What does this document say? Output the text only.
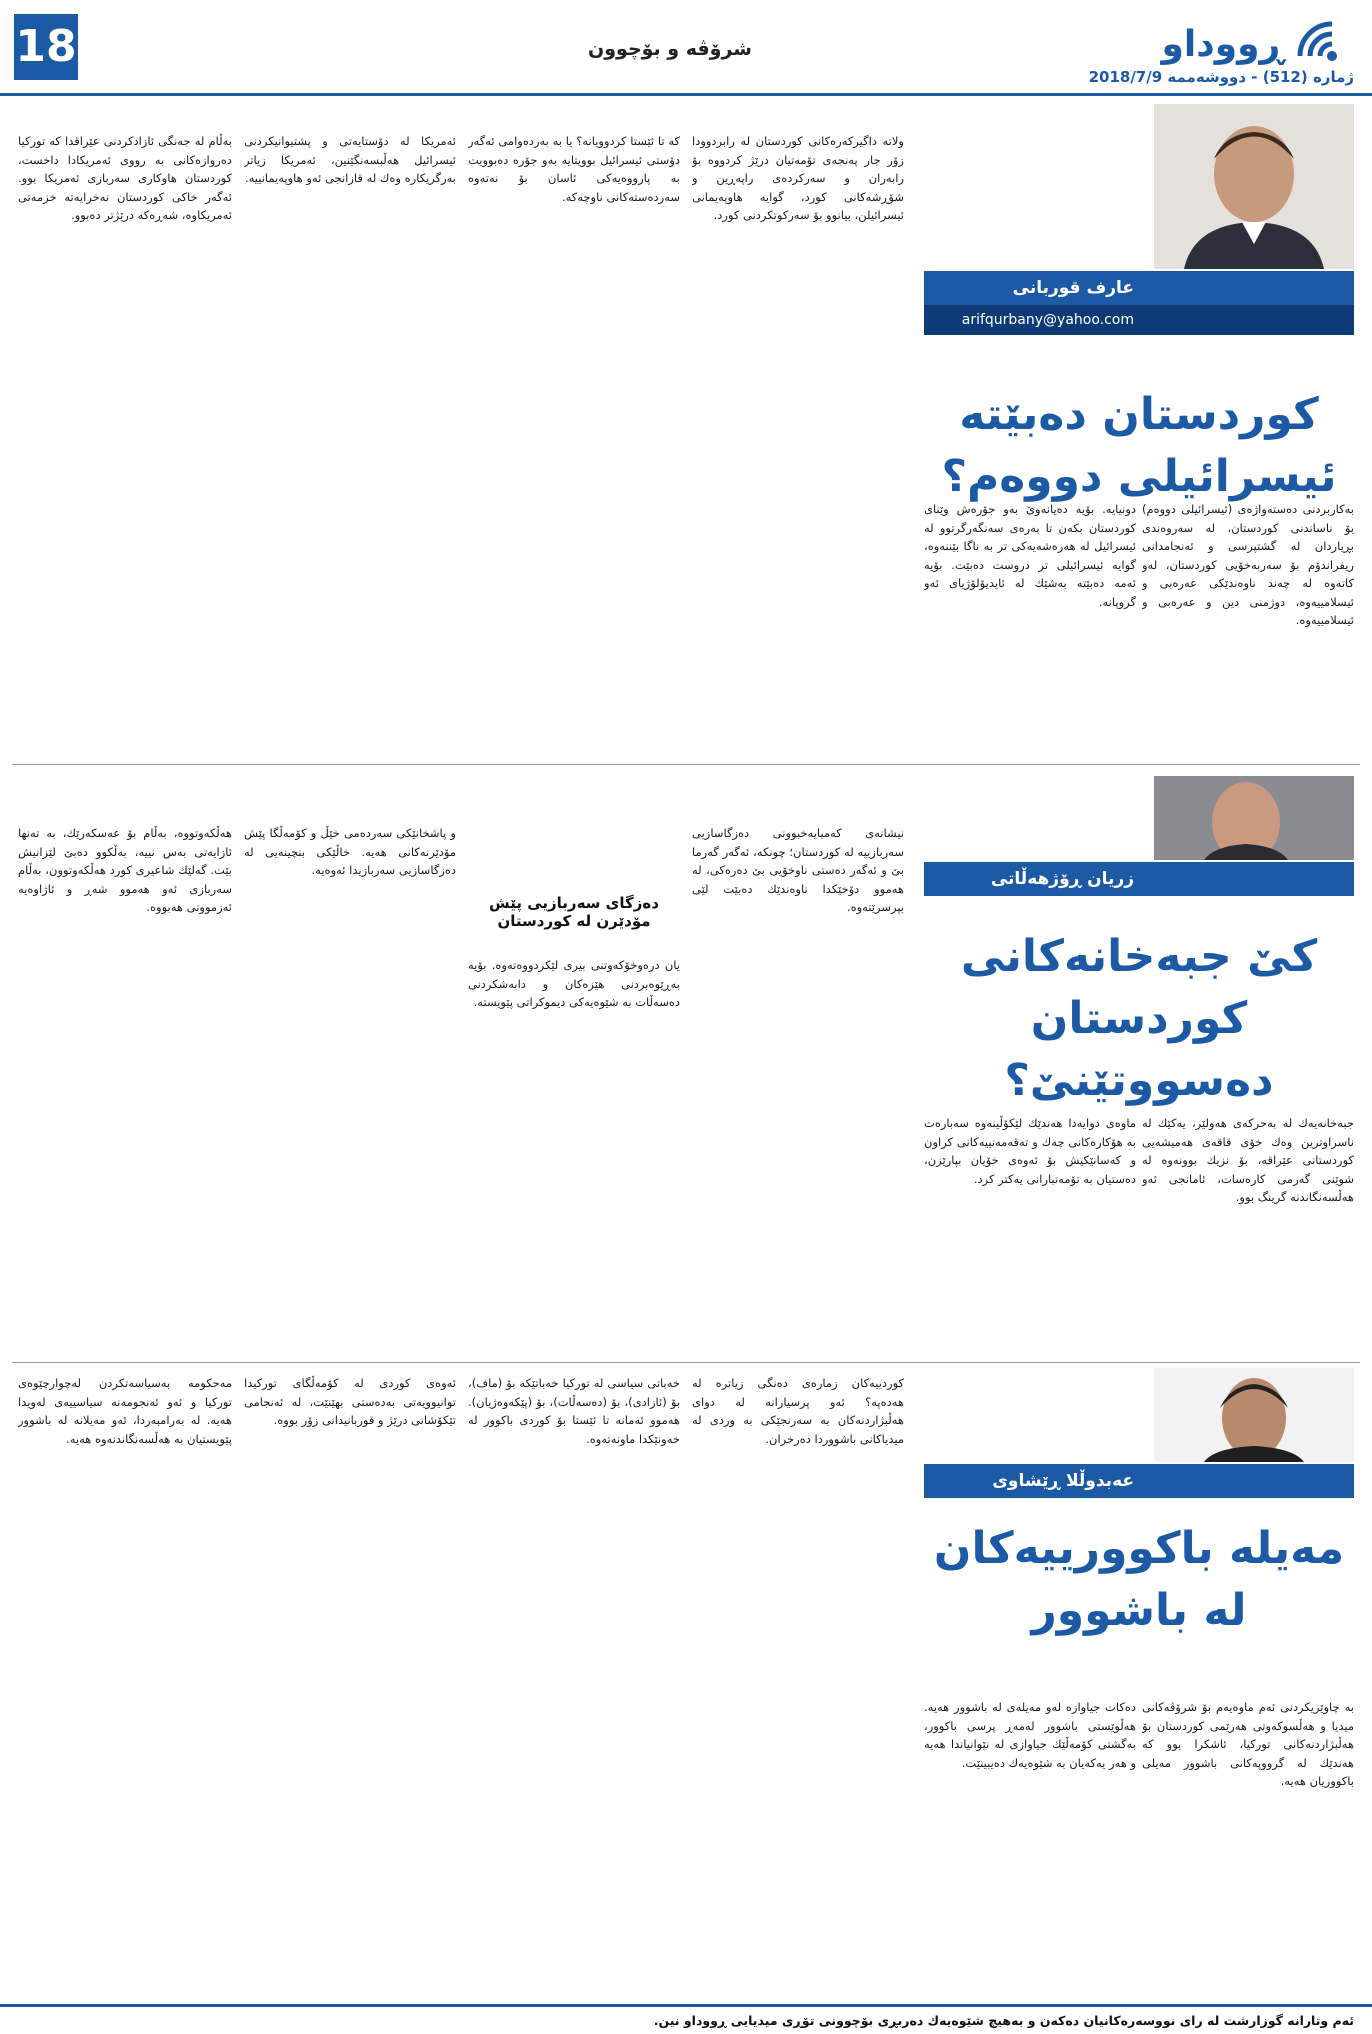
18	شرۆڤە و بۆچوون	ڕووداو
ژمارە (512) - دووشەممە 2018/7/9
عارف قوربانی
arifqurbany@yahoo.com
كوردستان دەبێتە ئیسرائیلی دووەم؟
بەكاربردنی دەستەواژەی (ئیسرائیلی دووەم) بۆ ناساندنی كوردستان، لە سەروەندی بڕیاردان لە گشتپرسی و ئەنجامدانی ریفراندۆم بۆ سەربەخۆیی كوردستان، لەو كاتەوە لە چەند ناوەندێكی عەرەبی و ئیسلامییەوە، دوژمنی دین و عەرەبی و ئیسلامییەوە.
دونیایە. بۆیە دەیانەوێ بەو جۆرەش وێنای كوردستان بكەن تا بەرەی سەنگەرگرتوو لە ئیسرائیل لە هەرەشەیەكی تر بە ناگا بێننەوە، گوایە ئیسرائیلی تر دروست دەبێت. بۆیە ئەمە دەبێتە بەشێك لە ئایدیۆلۆژیای ئەو گروپانە.
ولاتە داگیركەرەكانی كوردستان لە رابردوودا زۆر جار پەنجەی تۆمەتیان درێژ كردووە بۆ رابەران و سەركردەی راپەڕین و شۆڕشەكانی كورد، گوایە هاوپەیمانی ئیسرائیلن، بیانوو بۆ سەركوتكردنی كورد.
كە تا ئێستا كردوویانە؟ یا بە بەردەوامی ئەگەر دۆستی ئیسرائیل بوویتایە بەو جۆرە دەبوویت بە پارووەیەكی ئاسان بۆ نەتەوە سەردەستەكانی ناوچەكە.
ئەمریكا لە دۆستایەتی و پشتیوانیكردنی ئیسرائیل هەڵبسەنگێنین، ئەمریكا زیاتر بەرگریكارە وەك لە قازانجی ئەو هاوپەیمانییە.
بەڵام لە جەنگی ئازادكردنی عێراقدا كە توركیا دەروازەكانی بە رووی ئەمریكادا داخست، كوردستان هاوكاری سەربازی ئەمریكا بوو. ئەگەر خاكی كوردستان نەخرایەتە خزمەتی ئەمریكاوە، شەڕەكە درێژتر دەبوو.
زریان ڕۆژهەڵاتی
كێ جبەخانەكانی كوردستان دەسووتێنێ؟
جبەخانەیەك لە بەحركەی هەولێر، یەكێك لە ناسراوترین وەك خۆی قاقەی هەمیشەیی كوردستانی عێراقە، بۆ نزیك بوونەوە لە شوێنی گەرمی كارەسات، ئامانجی ئەو هەڵسەنگاندنە گرینگ بوو.
ماوەی دوایەدا هەندێك لێكۆڵینەوە سەبارەت بە هۆكارەكانی چەك و تەقەمەنییەكانی كراون و كەسانێكیش بۆ ئەوەی خۆیان بپارێزن، دەستیان بە تۆمەتبارانی یەكتر كرد.
نیشانەی كەمبایەخبوونی دەزگاسازیی سەربازییە لە كوردستان؛ چونكە، ئەگەر گەرما بێ و ئەگەر دەستی ناوخۆیی بێ دەرەكی، لە هەموو دۆخێكدا ناوەندێك دەبێت لێی بپرسرێتەوە.
دەزگای سەربازیی پێش مۆدێرن لە كوردستان
یان درەوخۆكەوتنی بیری لێكردووەتەوە. بۆیە بەڕێوەبردنی هێزەكان و دابەشكردنی دەسەڵات بە شێوەیەكی دیموكراتی پێویستە.
و پاشخانێكی سەردەمی خێڵ و كۆمەڵگا پێش مۆدێرنەكانی هەیە. خاڵێكی بنچینەیی لە دەزگاسازیی سەربازیدا ئەوەیە.
هەڵكەوتووە، بەڵام بۆ عەسكەرێك، بە تەنها ئازایەتی بەس نییە، بەڵكوو دەبێ لێزانیش بێت. گەلێك شاعیری كورد هەڵكەوتوون، بەڵام سەربازی ئەو هەموو شەڕ و ئاژاوەیە ئەزموونی هەبووە.
عەبدوڵلا ڕێشاوی
مەیلە باكوورییەكان لە باشوور
بە چاوێریكردنی ئەم ماوەیەم بۆ شرۆڤەكانی میدیا و هەڵسوكەوتی هەرێمی كوردستان بۆ هەڵبژاردنەكانی توركیا، ئاشكرا بوو كە هەندێك لە گرووپەكانی باشوور مەیلی باكووریان هەیە.
دەكات جیاوازە لەو مەیلەی لە باشوور هەیە. هەڵوێستی باشوور لەمەڕ پرسی باكوور، بەگشتی كۆمەڵێك جیاوازی لە نێوانیاندا هەیە و هەر یەكەیان بە شێوەیەك دەیبینێت.
كوردییەكان زمارەی دەنگی زیاتره لە هەدەپە؟ ئەو پرسیارانە لە دوای هەڵبژاردنەكان بە سەرنجێكی بە وردی لە میدیاكانی باشووردا دەرخران.
خەباتی سیاسی لە توركیا خەباتێكە بۆ (ماف)، بۆ (ئازادی)، بۆ (دەسەڵات)، بۆ (پێكەوەژیان). هەموو ئەمانە تا ئێستا بۆ كوردی باكوور لە خەونێكدا ماونەتەوە.
ئەوەی كوردی لە كۆمەڵگای توركیدا توانیوویەتی بەدەستی بهێنێت، لە ئەنجامی تێكۆشانی درێژ و قوربانیدانی زۆر بووە.
مەحكومە بەسیاسەتكردن لەچوارچێوەی توركیا و ئەو ئەنجومەنە سیاسییەی لەویدا هەیە. لە بەرامبەردا، ئەو مەیلانە لە باشوور پێویستیان بە هەڵسەنگاندنەوە هەیە.
ئەم وتارانە گوزارشت لە رای نووسەرەكانیان دەكەن و بەهیچ شێوەیەك دەربڕی بۆچوونی تۆڕی میدیایی ڕووداو نین.
